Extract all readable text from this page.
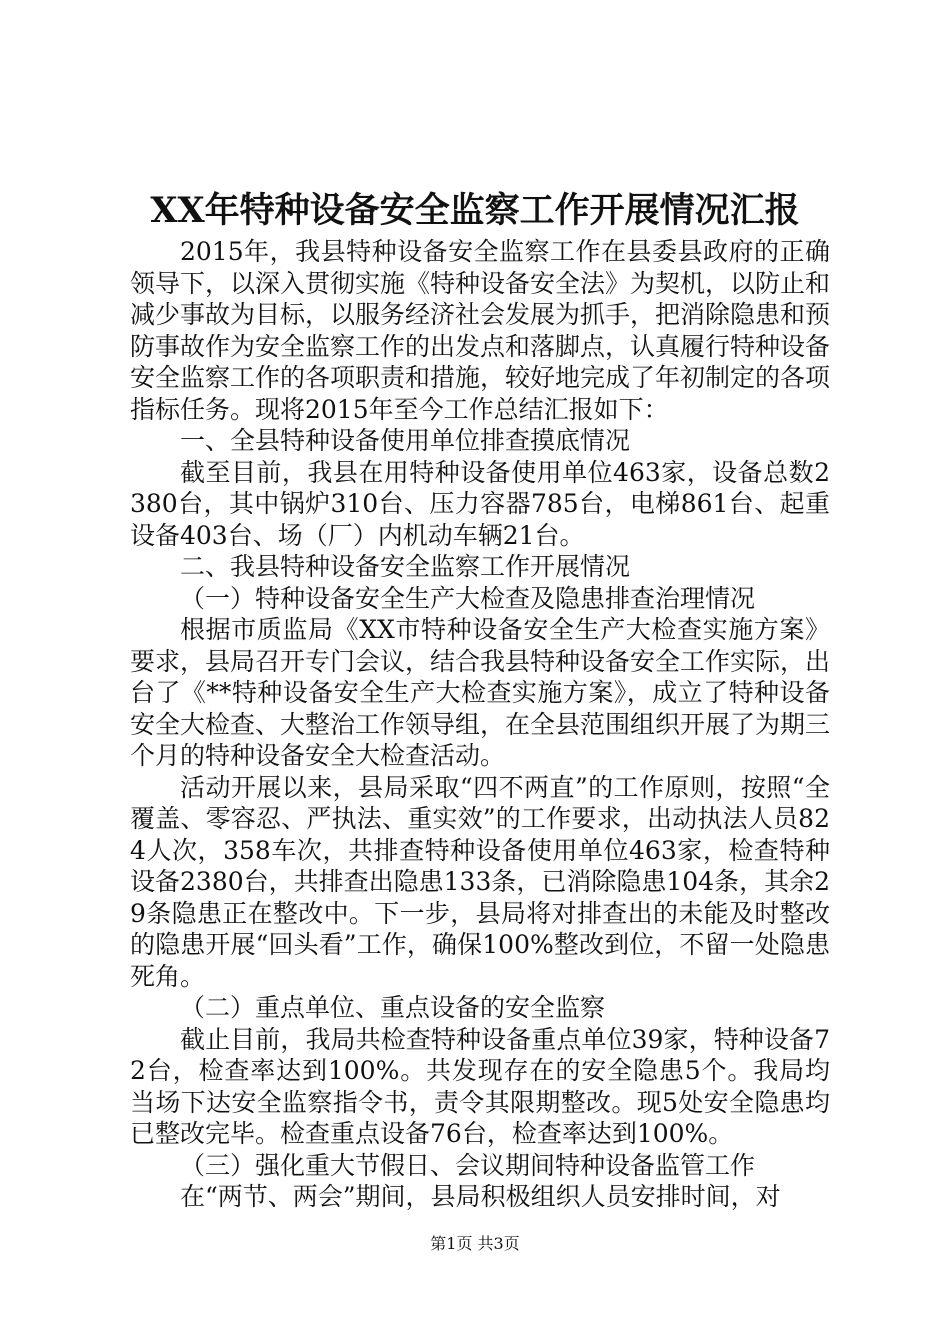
XX年特种设备安全监察工作开展情况汇报

2015年，我县特种设备安全监察工作在县委县政府的正确领导下，以深入贯彻实施《特种设备安全法》为契机，以防止和减少事故为目标，以服务经济社会发展为抓手，把消除隐患和预防事故作为安全监察工作的出发点和落脚点，认真履行特种设备安全监察工作的各项职责和措施，较好地完成了年初制定的各项指标任务。现将2015年至今工作总结汇报如下：

一、全县特种设备使用单位排查摸底情况

截至目前，我县在用特种设备使用单位463家，设备总数2380台，其中锅炉310台、压力容器785台，电梯861台、起重设备403台、场（厂）内机动车辆21台。

二、我县特种设备安全监察工作开展情况

（一）特种设备安全生产大检查及隐患排查治理情况

根据市质监局《XX市特种设备安全生产大检查实施方案》要求，县局召开专门会议，结合我县特种设备安全工作实际，出台了《**特种设备安全生产大检查实施方案》，成立了特种设备安全大检查、大整治工作领导组，在全县范围组织开展了为期三个月的特种设备安全大检查活动。

活动开展以来，县局采取“四不两直”的工作原则，按照“全覆盖、零容忍、严执法、重实效”的工作要求，出动执法人员824人次，358车次，共排查特种设备使用单位463家，检查特种设备2380台，共排查出隐患133条，已消除隐患104条，其余29条隐患正在整改中。下一步，县局将对排查出的未能及时整改的隐患开展“回头看”工作，确保100%整改到位，不留一处隐患死角。

（二）重点单位、重点设备的安全监察

截止目前，我局共检查特种设备重点单位39家，特种设备72台，检查率达到100%。共发现存在的安全隐患5个。我局均当场下达安全监察指令书，责令其限期整改。现5处安全隐患均已整改完毕。检查重点设备76台，检查率达到100%。

（三）强化重大节假日、会议期间特种设备监管工作

在“两节、两会”期间，县局积极组织人员安排时间，对

第1页 共3页
